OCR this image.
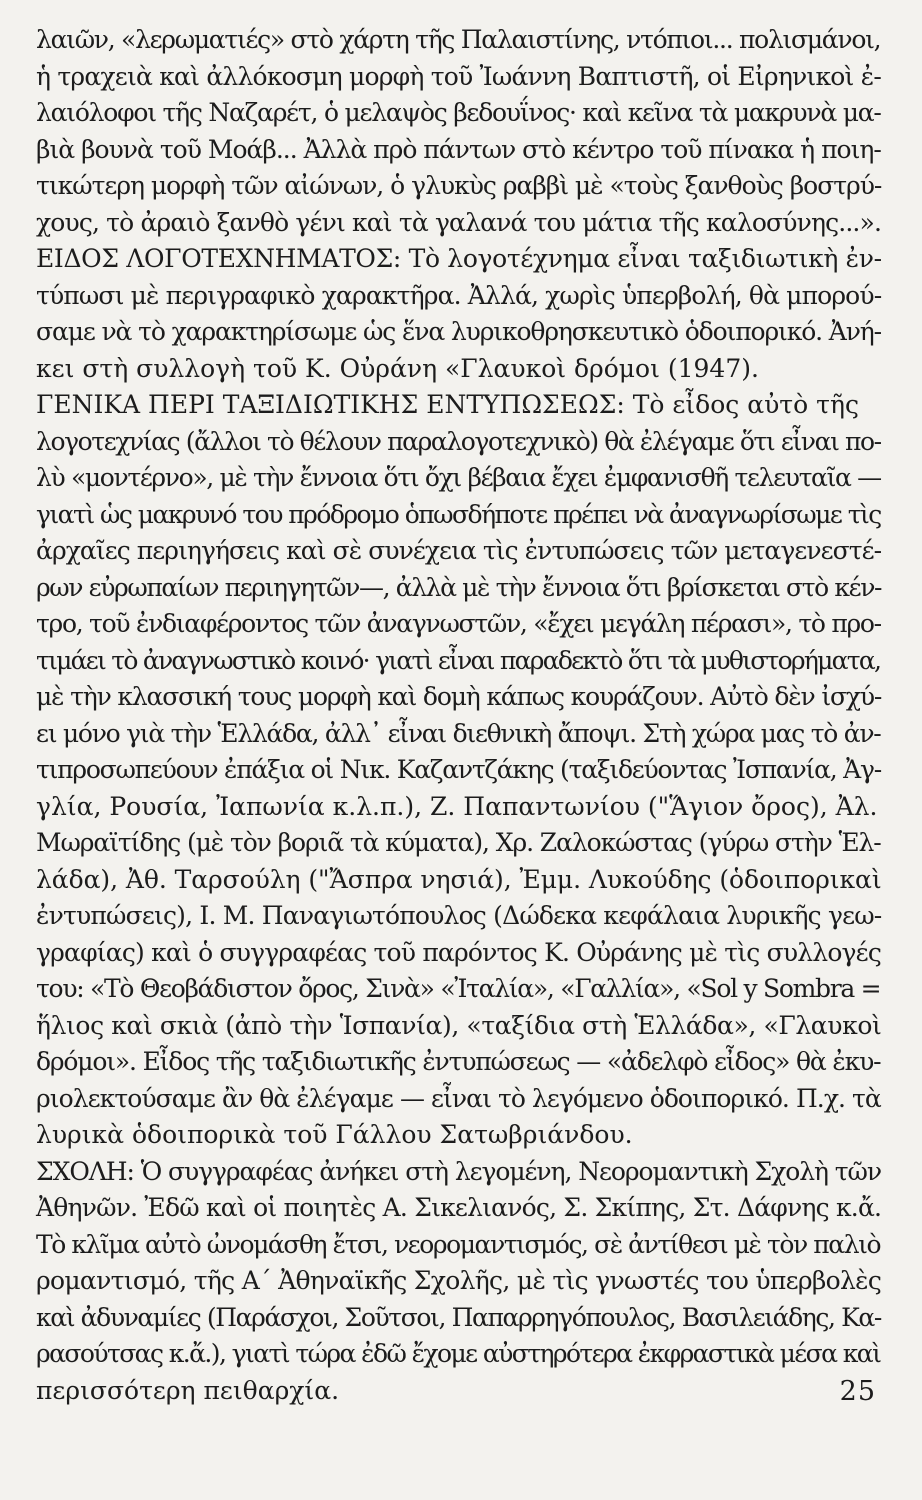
λαιῶν, «λερωματιές» στὸ χάρτη τῆς Παλαιστίνης, ντόπιοι... πολισμάνοι,
ἡ τραχειὰ καὶ ἀλλόκοσμη μορφὴ τοῦ Ἰωάννη Βαπτιστῆ, οἱ Εἰρηνικοὶ ἐ-
λαιόλοφοι τῆς Ναζαρέτ, ὁ μελαψὸς βεδουΐνος· καὶ κεῖνα τὰ μακρυνὰ μα-
βιὰ βουνὰ τοῦ Μοάβ... Ἀλλὰ πρὸ πάντων στὸ κέντρο τοῦ πίνακα ἡ ποιη-
τικώτερη μορφὴ τῶν αἰώνων, ὁ γλυκὺς ραββὶ μὲ «τοὺς ξανθοὺς βοστρύ-
χους, τὸ ἀραιὸ ξανθὸ γένι καὶ τὰ γαλανά του μάτια τῆς καλοσύνης...».
ΕΙΔΟΣ ΛΟΓΟΤΕΧΝΗΜΑΤΟΣ: Τὸ λογοτέχνημα εἶναι ταξιδιωτικὴ ἐν-
τύπωσι μὲ περιγραφικὸ χαρακτῆρα. Ἀλλά, χωρὶς ὑπερβολή, θὰ μπορού-
σαμε νὰ τὸ χαρακτηρίσωμε ὡς ἕνα λυρικοθρησκευτικὸ ὁδοιπορικό. Ἀνή-
κει στὴ συλλογὴ τοῦ Κ. Οὐράνη «Γλαυκοὶ δρόμοι (1947).
ΓΕΝΙΚΑ ΠΕΡΙ ΤΑΞΙΔΙΩΤΙΚΗΣ ΕΝΤΥΠΩΣΕΩΣ: Τὸ εἶδος αὐτὸ τῆς
λογοτεχνίας (ἄλλοι τὸ θέλουν παραλογοτεχνικὸ) θὰ ἐλέγαμε ὅτι εἶναι πο-
λὺ «μοντέρνο», μὲ τὴν ἔννοια ὅτι ὄχι βέβαια ἔχει ἐμφανισθῆ τελευταῖα —
γιατὶ ὡς μακρυνό του πρόδρομο ὁπωσδήποτε πρέπει νὰ ἀναγνωρίσωμε τὶς
ἀρχαῖες περιηγήσεις καὶ σὲ συνέχεια τὶς ἐντυπώσεις τῶν μεταγενεστέ-
ρων εὐρωπαίων περιηγητῶν—, ἀλλὰ μὲ τὴν ἔννοια ὅτι βρίσκεται στὸ κέν-
τρο, τοῦ ἐνδιαφέροντος τῶν ἀναγνωστῶν, «ἔχει μεγάλη πέρασι», τὸ προ-
τιμάει τὸ ἀναγνωστικὸ κοινό· γιατὶ εἶναι παραδεκτὸ ὅτι τὰ μυθιστορήματα,
μὲ τὴν κλασσική τους μορφὴ καὶ δομὴ κάπως κουράζουν. Αὐτὸ δὲν ἰσχύ-
ει μόνο γιὰ τὴν Ἑλλάδα, ἀλλ᾽ εἶναι διεθνικὴ ἄποψι. Στὴ χώρα μας τὸ ἀν-
τιπροσωπεύουν ἐπάξια οἱ Νικ. Καζαντζάκης (ταξιδεύοντας Ἰσπανία, Ἀγ-
γλία, Ρουσία, Ἰαπωνία κ.λ.π.), Ζ. Παπαντωνίου ("Ἅγιον ὄρος), Ἀλ.
Μωραϊτίδης (μὲ τὸν βοριᾶ τὰ κύματα), Χρ. Ζαλοκώστας (γύρω στὴν Ἑλ-
λάδα), Ἀθ. Ταρσούλη ("Ἄσπρα νησιά), Ἐμμ. Λυκούδης (ὁδοιπορικαὶ
ἐντυπώσεις), Ι. Μ. Παναγιωτόπουλος (Δώδεκα κεφάλαια λυρικῆς γεω-
γραφίας) καὶ ὁ συγγραφέας τοῦ παρόντος Κ. Οὐράνης μὲ τὶς συλλογές
του: «Τὸ Θεοβάδιστον ὄρος, Σινὰ» «Ἰταλία», «Γαλλία», «Sol y Sombra =
ἥλιος καὶ σκιὰ (ἀπὸ τὴν Ἱσπανία), «ταξίδια στὴ Ἑλλάδα», «Γλαυκοὶ
δρόμοι». Εἶδος τῆς ταξιδιωτικῆς ἐντυπώσεως — «ἀδελφὸ εἶδος» θὰ ἐκυ-
ριολεκτούσαμε ἂν θὰ ἐλέγαμε — εἶναι τὸ λεγόμενο ὁδοιπορικό. Π.χ. τὰ
λυρικὰ ὁδοιπορικὰ τοῦ Γάλλου Σατωβριάνδου.
ΣΧΟΛΗ: Ὁ συγγραφέας ἀνήκει στὴ λεγομένη, Νεορομαντικὴ Σχολὴ τῶν
Ἀθηνῶν. Ἐδῶ καὶ οἱ ποιητὲς Α. Σικελιανός, Σ. Σκίπης, Στ. Δάφνης κ.ἄ.
Τὸ κλῖμα αὐτὸ ὠνομάσθη ἔτσι, νεορομαντισμός, σὲ ἀντίθεσι μὲ τὸν παλιὸ
ρομαντισμό, τῆς Α´ Ἀθηναϊκῆς Σχολῆς, μὲ τὶς γνωστές του ὑπερβολὲς
καὶ ἀδυναμίες (Παράσχοι, Σοῦτσοι, Παπαρρηγόπουλος, Βασιλειάδης, Κα-
ρασούτσας κ.ἄ.), γιατὶ τώρα ἐδῶ ἔχομε αὐστηρότερα ἐκφραστικὰ μέσα καὶ
περισσότερη πειθαρχία.	25
